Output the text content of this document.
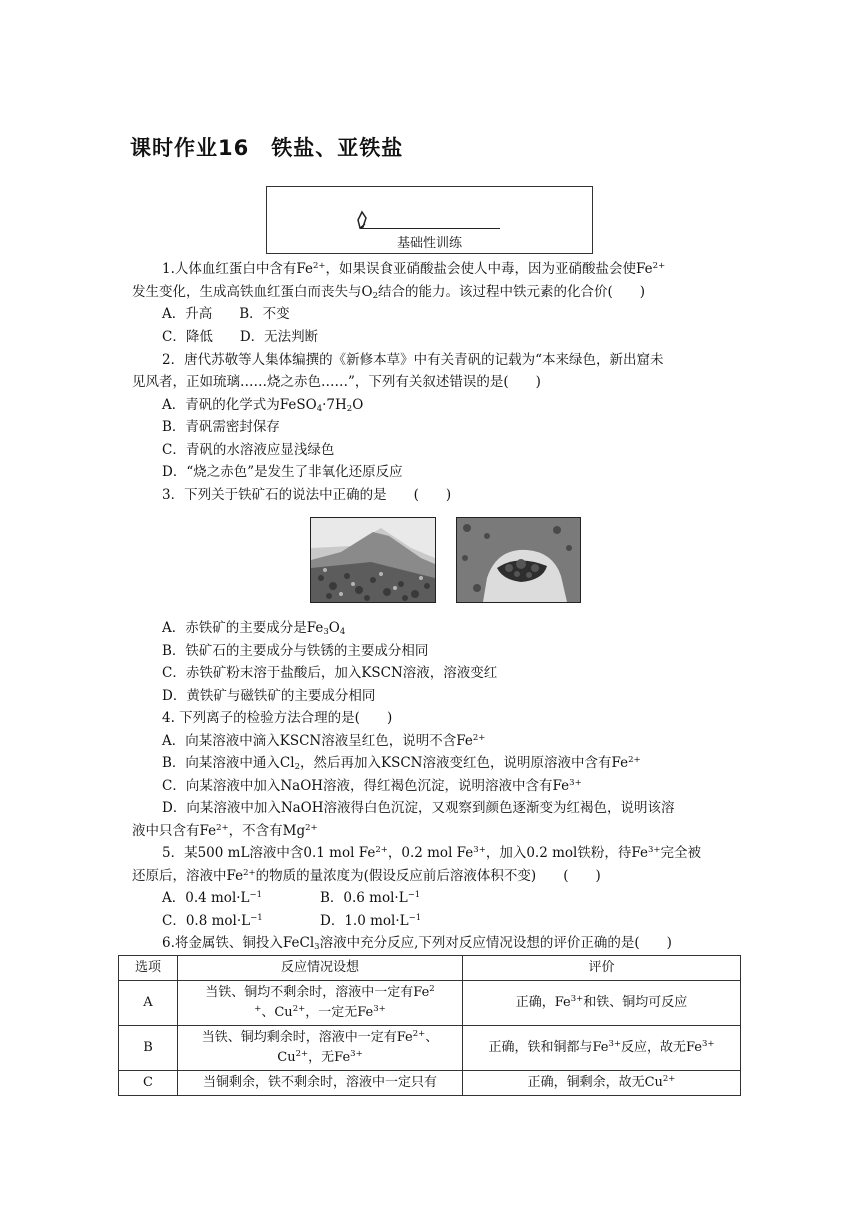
课时作业16　铁盐、亚铁盐
基础性训练
1.人体血红蛋白中含有$Fe^{2+}$，如果误食亚硝酸盐会使人中毒，因为亚硝酸盐会使$Fe^{2+}$
发生变化，生成高铁血红蛋白而丧失与$O_2$结合的能力。该过程中铁元素的化合价(　　)
A．升高　　B．不变
C．降低　　D．无法判断
2．唐代苏敬等人集体编撰的《新修本草》中有关青矾的记载为“本来绿色，新出窟未
见风者，正如琉璃……烧之赤色……”，下列有关叙述错误的是(　　)
A．青矾的化学式为$FeSO_4\cdot 7H_2O$
B．青矾需密封保存
C．青矾的水溶液应显浅绿色
D．“烧之赤色”是发生了非氧化还原反应
3．下列关于铁矿石的说法中正确的是　　(　　)
A．赤铁矿的主要成分是$Fe_3O_4$
B．铁矿石的主要成分与铁锈的主要成分相同
C．赤铁矿粉末溶于盐酸后，加入KSCN溶液，溶液变红
D．黄铁矿与磁铁矿的主要成分相同
4. 下列离子的检验方法合理的是(　　)
A．向某溶液中滴入KSCN溶液呈红色，说明不含$Fe^{2+}$
B．向某溶液中通入$Cl_2$，然后再加入KSCN溶液变红色，说明原溶液中含有$Fe^{2+}$
C．向某溶液中加入NaOH溶液，得红褐色沉淀，说明溶液中含有$Fe^{3+}$
D．向某溶液中加入NaOH溶液得白色沉淀，又观察到颜色逐渐变为红褐色，说明该溶
液中只含有$Fe^{2+}$，不含有$Mg^{2+}$
5．某500 mL溶液中含0.1 mol $Fe^{2+}$，0.2 mol $Fe^{3+}$，加入0.2 mol铁粉，待$Fe^{3+}$完全被
还原后，溶液中$Fe^{2+}$的物质的量浓度为(假设反应前后溶液体积不变)　　(　　)
A．0.4 $mol\cdot L^{-1}$	B．0.6 $mol\cdot L^{-1}$
C．0.8 $mol\cdot L^{-1}$	D．1.0 $mol\cdot L^{-1}$
6.将金属铁、铜投入FeCl$_3$溶液中充分反应,下列对反应情况设想的评价正确的是(　　)
选项	反应情况设想	评价
A	当铁、铜均不剩余时，溶液中一定有Fe$^2$
+、$Cu^{2+}$，一定无$Fe^{3+}$	正确，$Fe^{3+}$和铁、铜均可反应
B	当铁、铜均剩余时，溶液中一定有$Fe^{2+}$、$Cu^{2+}$，无$Fe^{3+}$	正确，铁和铜都与$Fe^{3+}$反应，故无$Fe^{3+}$
C	当铜剩余，铁不剩余时，溶液中一定只有	正确，铜剩余，故无$Cu^{2+}$
